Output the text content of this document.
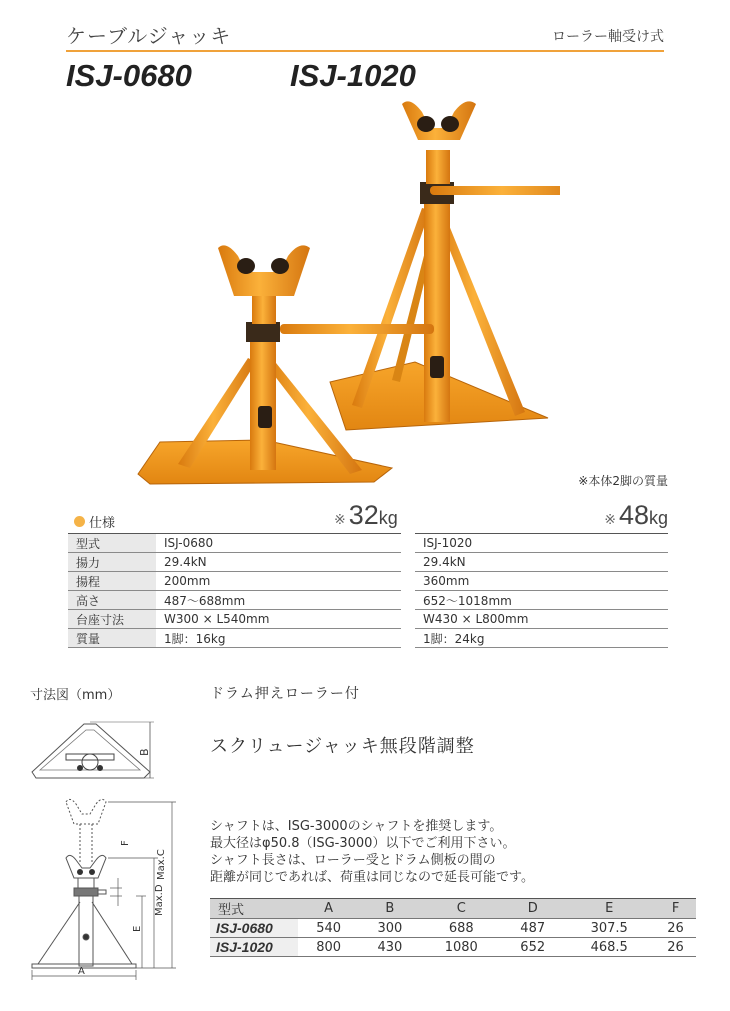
ケーブルジャッキ	ローラー軸受け式
ISJ-0680	ISJ-1020
※本体2脚の質量
仕様	※ 32kg	※ 48kg
型式	ISJ-0680		ISJ-1020
揚力	29.4kN		29.4kN
揚程	200mm		360mm
高さ	487〜688mm		652〜1018mm
台座寸法	W300 × L540mm		W430 × L800mm
質量	1脚：16kg		1脚：24kg
寸法図（mm）	ドラム押えローラー付
スクリュージャッキ無段階調整
B
F
Max.C
Max.D
E
A
シャフトは、ISG-3000のシャフトを推奨します。
最大径はφ50.8（ISG-3000）以下でご利用下さい。
シャフト長さは、ローラー受とドラム側板の間の
距離が同じであれば、荷重は同じなので延長可能です。
型式	A	B	C	D	E	F
ISJ-0680	540	300	688	487	307.5	26
ISJ-1020	800	430	1080	652	468.5	26
